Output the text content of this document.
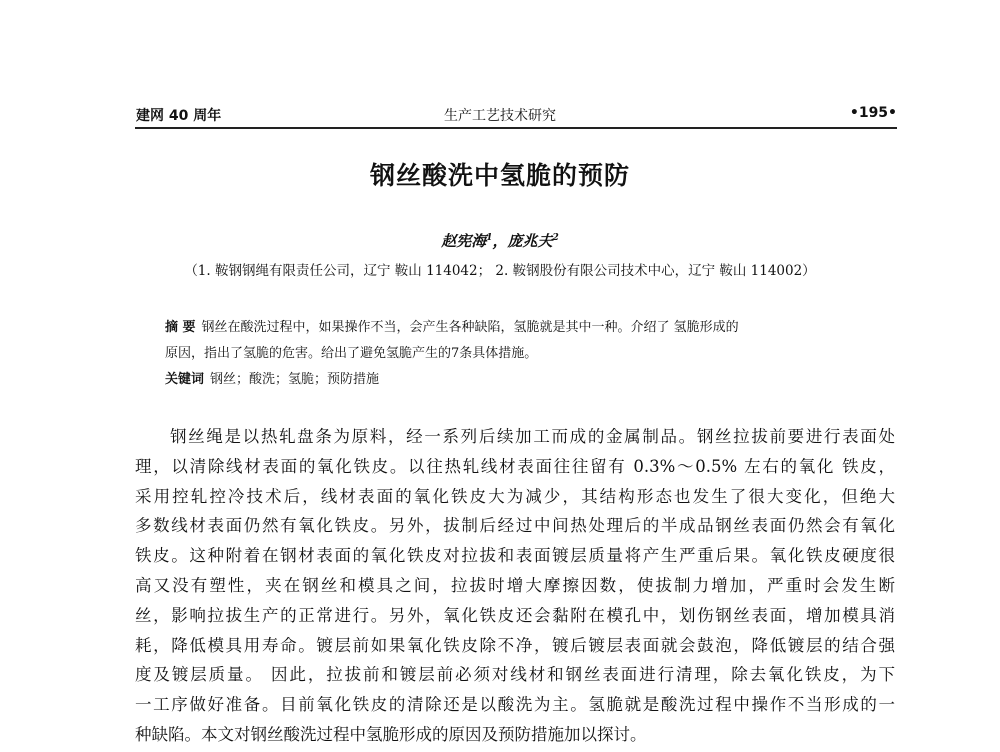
建网 40 周年	生产工艺技术研究	•195•
钢丝酸洗中氢脆的预防
赵宪海$^1$，庞兆夫$^2$
（1. 鞍钢钢绳有限责任公司，辽宁 鞍山 114042； 2. 鞍钢股份有限公司技术中心，辽宁 鞍山 114002）
摘 要 钢丝在酸洗过程中，如果操作不当，会产生各种缺陷，氢脆就是其中一种。介绍了 氢脆形成的
原因，指出了氢脆的危害。给出了避免氢脆产生的7条具体措施。
关键词 钢丝；酸洗；氢脆；预防措施
钢丝绳是以热轧盘条为原料，经一系列后续加工而成的金属制品。钢丝拉拔前要进行表面处
理，以清除线材表面的氧化铁皮。以往热轧线材表面往往留有 0.3%～0.5% 左右的氧化 铁皮，
采用控轧控冷技术后，线材表面的氧化铁皮大为减少，其结构形态也发生了很大变化，但绝大
多数线材表面仍然有氧化铁皮。另外，拔制后经过中间热处理后的半成品钢丝表面仍然会有氧化
铁皮。这种附着在钢材表面的氧化铁皮对拉拔和表面镀层质量将产生严重后果。氧化铁皮硬度很
高又没有塑性，夹在钢丝和模具之间，拉拔时增大摩擦因数，使拔制力增加，严重时会发生断
丝，影响拉拔生产的正常进行。另外，氧化铁皮还会黏附在模孔中，划伤钢丝表面，增加模具消
耗，降低模具用寿命。镀层前如果氧化铁皮除不净，镀后镀层表面就会鼓泡，降低镀层的结合强
度及镀层质量。 因此，拉拔前和镀层前必须对线材和钢丝表面进行清理，除去氧化铁皮，为下
一工序做好准备。目前氧化铁皮的清除还是以酸洗为主。氢脆就是酸洗过程中操作不当形成的一
种缺陷。本文对钢丝酸洗过程中氢脆形成的原因及预防措施加以探讨。
